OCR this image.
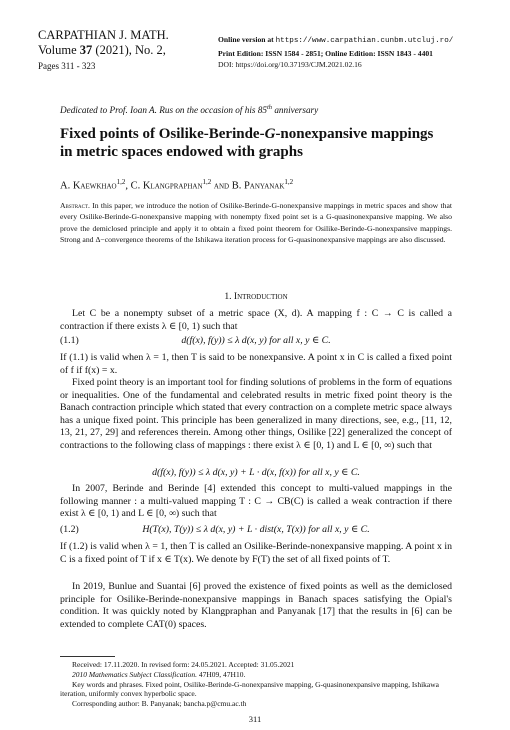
CARPATHIAN J. MATH.
Volume 37 (2021), No. 2,
Pages 311 - 323
Online version at https://www.carpathian.cunbm.utcluj.ro/
Print Edition: ISSN 1584 - 2851; Online Edition: ISSN 1843 - 4401
DOI: https://doi.org/10.37193/CJM.2021.02.16
Dedicated to Prof. Ioan A. Rus on the occasion of his 85th anniversary
Fixed points of Osilike-Berinde-G-nonexpansive mappings
in metric spaces endowed with graphs
A. Kaewkhao$^{1,2}$, C. Klangpraphan$^{1,2}$ and B. Panyanak$^{1,2}$
Abstract. In this paper, we introduce the notion of Osilike-Berinde-G-nonexpansive mappings in metric spaces and show that every Osilike-Berinde-G-nonexpansive mapping with nonempty fixed point set is a G-quasinonexpansive mapping. We also prove the demiclosed principle and apply it to obtain a fixed point theorem for Osilike-Berinde-G-nonexpansive mappings. Strong and Δ−convergence theorems of the Ishikawa iteration process for G-quasinonexpansive mappings are also discussed.
1. Introduction
Let C be a nonempty subset of a metric space (X, d). A mapping f : C → C is called a contraction if there exists λ ∈ [0, 1) such that
d(f(x), f(y)) ≤ λ d(x, y) for all x, y ∈ C.
(1.1)
If (1.1) is valid when λ = 1, then T is said to be nonexpansive. A point x in C is called a fixed point of f if f(x) = x.
Fixed point theory is an important tool for finding solutions of problems in the form of equations or inequalities. One of the fundamental and celebrated results in metric fixed point theory is the Banach contraction principle which stated that every contraction on a complete metric space always has a unique fixed point. This principle has been generalized in many directions, see, e.g., [11, 12, 13, 21, 27, 29] and references therein. Among other things, Osilike [22] generalized the concept of contractions to the following class of mappings : there exist λ ∈ [0, 1) and L ∈ [0, ∞) such that
d(f(x), f(y)) ≤ λ d(x, y) + L · d(x, f(x)) for all x, y ∈ C.
In 2007, Berinde and Berinde [4] extended this concept to multi-valued mappings in the following manner : a multi-valued mapping T : C → CB(C) is called a weak contraction if there exist λ ∈ [0, 1) and L ∈ [0, ∞) such that
H(T(x), T(y)) ≤ λ d(x, y) + L · dist(x, T(x)) for all x, y ∈ C.
(1.2)
If (1.2) is valid when λ = 1, then T is called an Osilike-Berinde-nonexpansive mapping. A point x in C is a fixed point of T if x ∈ T(x). We denote by F(T) the set of all fixed points of T.
In 2019, Bunlue and Suantai [6] proved the existence of fixed points as well as the demiclosed principle for Osilike-Berinde-nonexpansive mappings in Banach spaces satisfying the Opial's condition. It was quickly noted by Klangpraphan and Panyanak [17] that the results in [6] can be extended to complete CAT(0) spaces.
Received: 17.11.2020. In revised form: 24.05.2021. Accepted: 31.05.2021
2010 Mathematics Subject Classification. 47H09, 47H10.
Key words and phrases. Fixed point, Osilike-Berinde-G-nonexpansive mapping, G-quasinonexpansive mapping, Ishikawa iteration, uniformly convex hyperbolic space.
Corresponding author: B. Panyanak; bancha.p@cmu.ac.th
311
